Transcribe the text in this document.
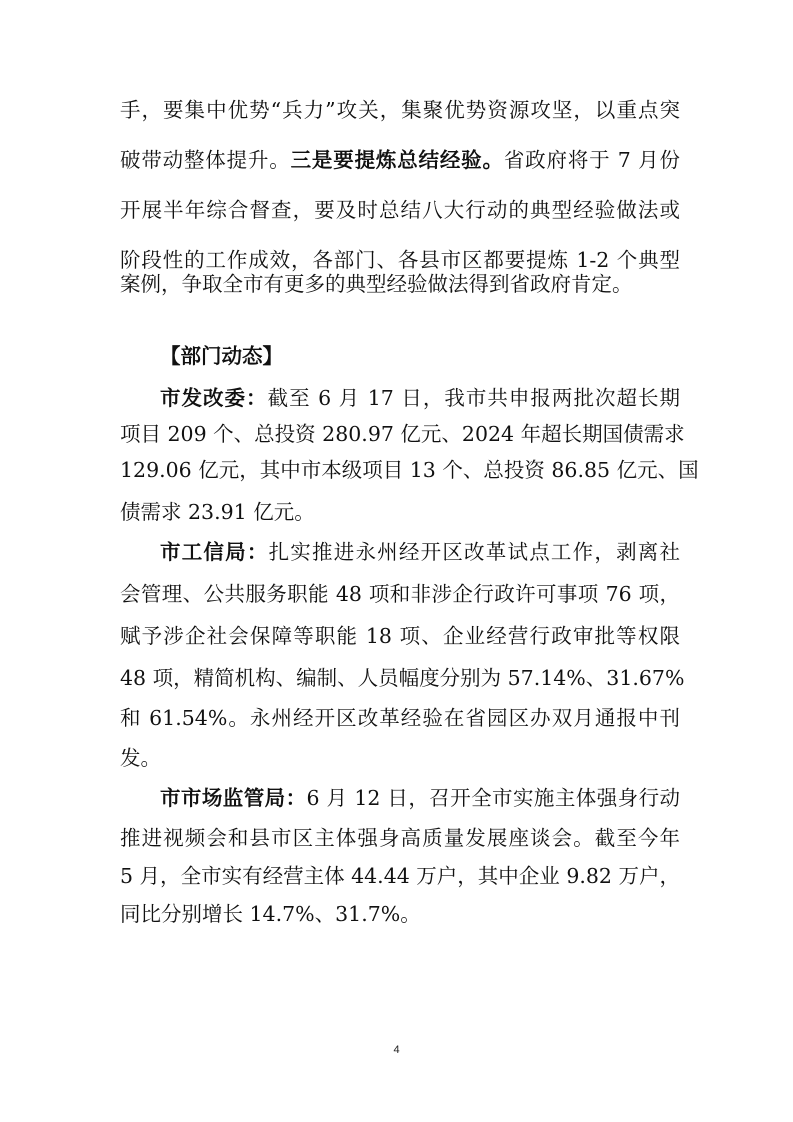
手，要集中优势“兵力”攻关，集聚优势资源攻坚，以重点突
破带动整体提升。三是要提炼总结经验。省政府将于 7 月份
开展半年综合督查，要及时总结八大行动的典型经验做法或
阶段性的工作成效，各部门、各县市区都要提炼 1-2 个典型
案例，争取全市有更多的典型经验做法得到省政府肯定。
【部门动态】
市发改委：截至 6 月 17 日，我市共申报两批次超长期
项目 209 个、总投资 280.97 亿元、2024 年超长期国债需求
129.06 亿元，其中市本级项目 13 个、总投资 86.85 亿元、国
债需求 23.91 亿元。
市工信局：扎实推进永州经开区改革试点工作，剥离社
会管理、公共服务职能 48 项和非涉企行政许可事项 76 项，
赋予涉企社会保障等职能 18 项、企业经营行政审批等权限
48 项，精简机构、编制、人员幅度分别为 57.14%、31.67%
和 61.54%。永州经开区改革经验在省园区办双月通报中刊
发。
市市场监管局：6 月 12 日，召开全市实施主体强身行动
推进视频会和县市区主体强身高质量发展座谈会。截至今年
5 月，全市实有经营主体 44.44 万户，其中企业 9.82 万户，
同比分别增长 14.7%、31.7%。
4
